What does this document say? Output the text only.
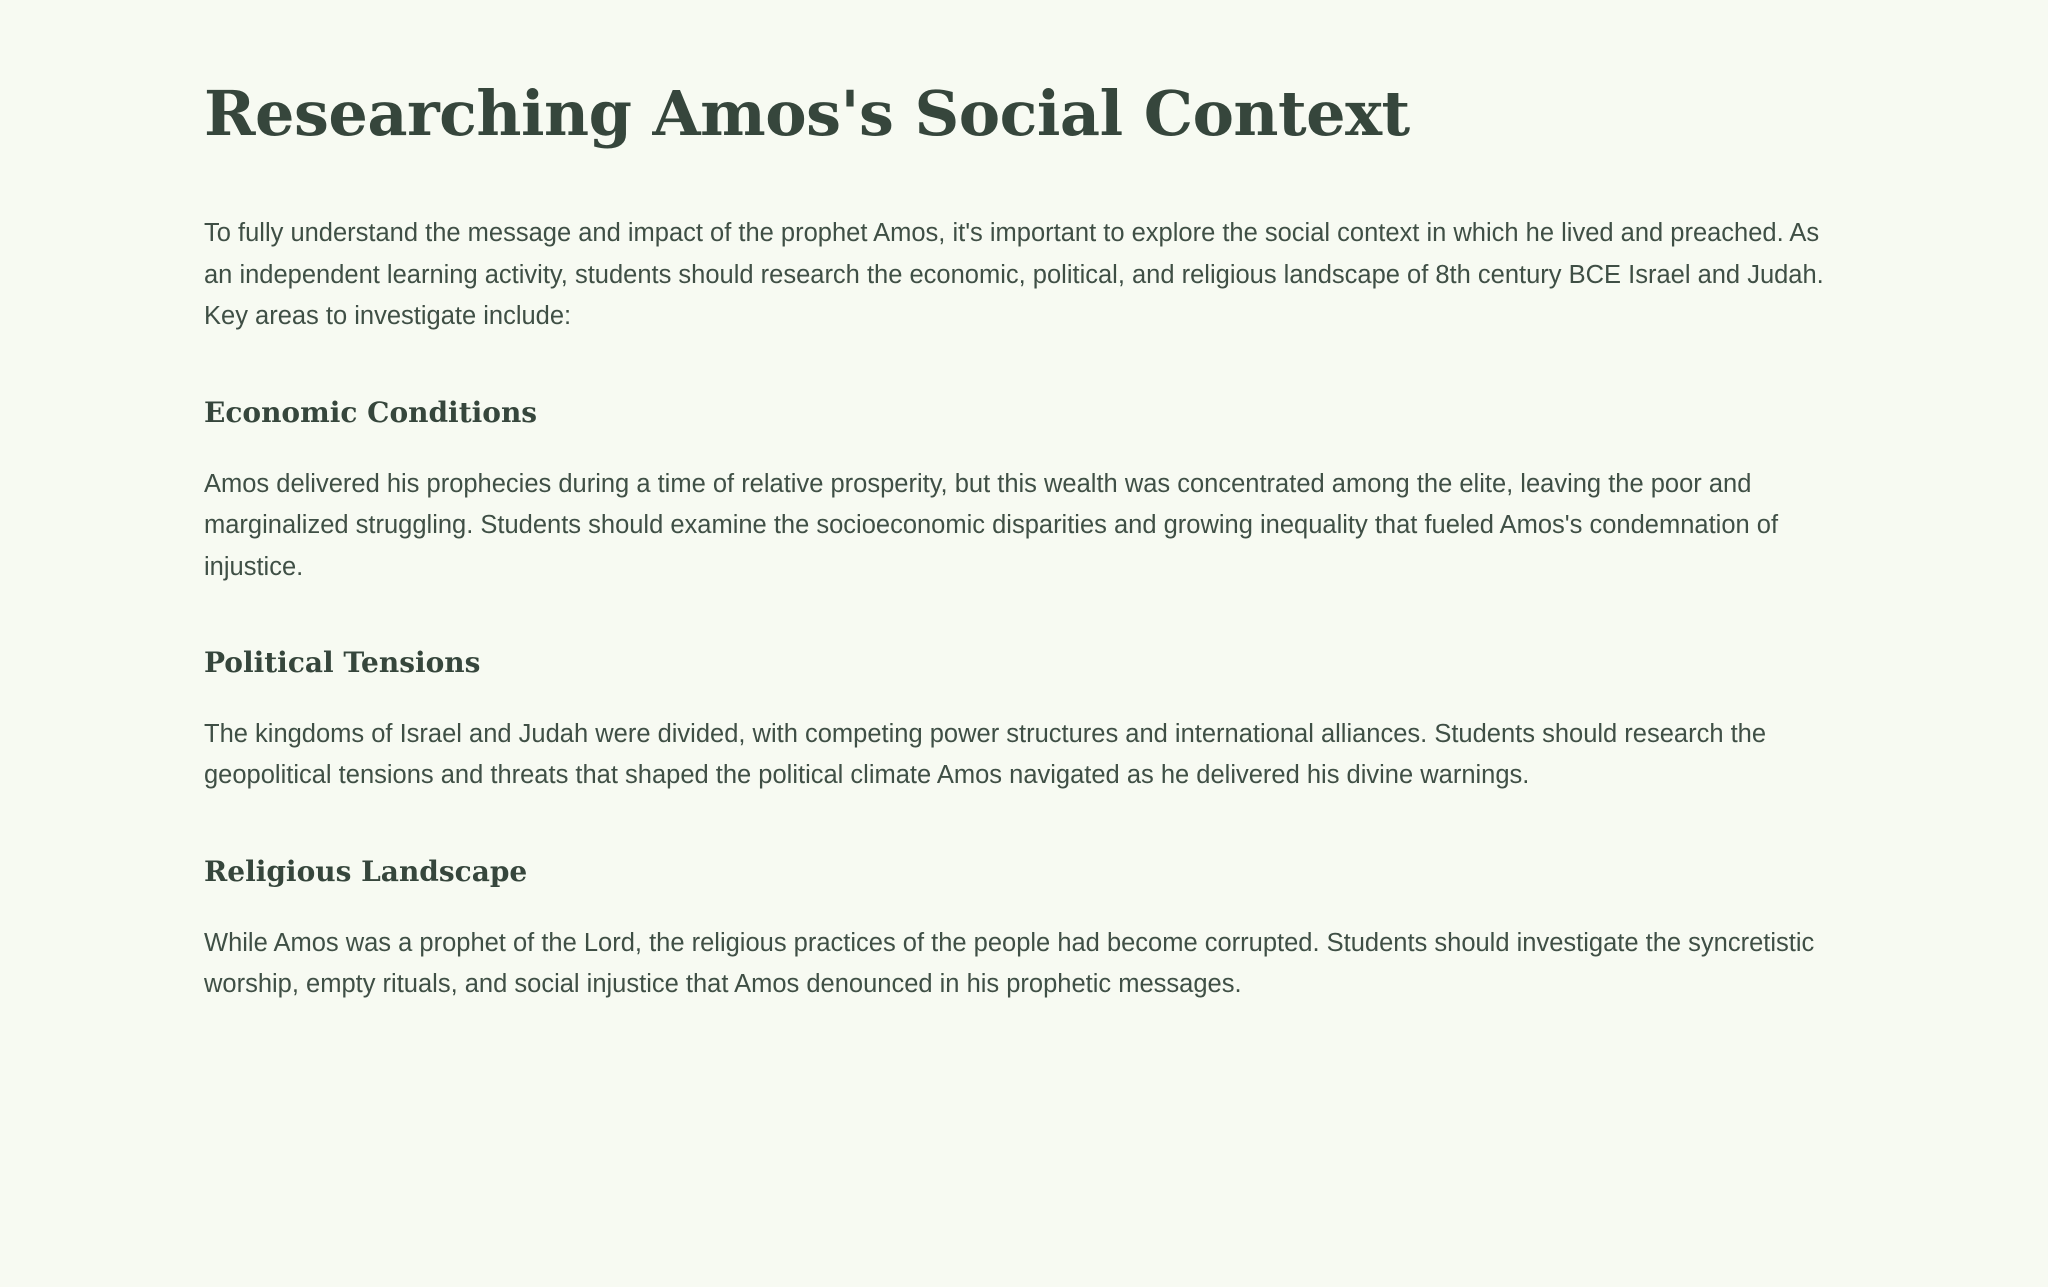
Researching Amos's Social Context

To fully understand the message and impact of the prophet Amos, it's important to explore the social context in which he lived and preached. As an independent learning activity, students should research the economic, political, and religious landscape of 8th century BCE Israel and Judah. Key areas to investigate include:

Economic Conditions

Amos delivered his prophecies during a time of relative prosperity, but this wealth was concentrated among the elite, leaving the poor and marginalized struggling. Students should examine the socioeconomic disparities and growing inequality that fueled Amos's condemnation of injustice.

Political Tensions

The kingdoms of Israel and Judah were divided, with competing power structures and international alliances. Students should research the geopolitical tensions and threats that shaped the political climate Amos navigated as he delivered his divine warnings.

Religious Landscape

While Amos was a prophet of the Lord, the religious practices of the people had become corrupted. Students should investigate the syncretistic worship, empty rituals, and social injustice that Amos denounced in his prophetic messages.
